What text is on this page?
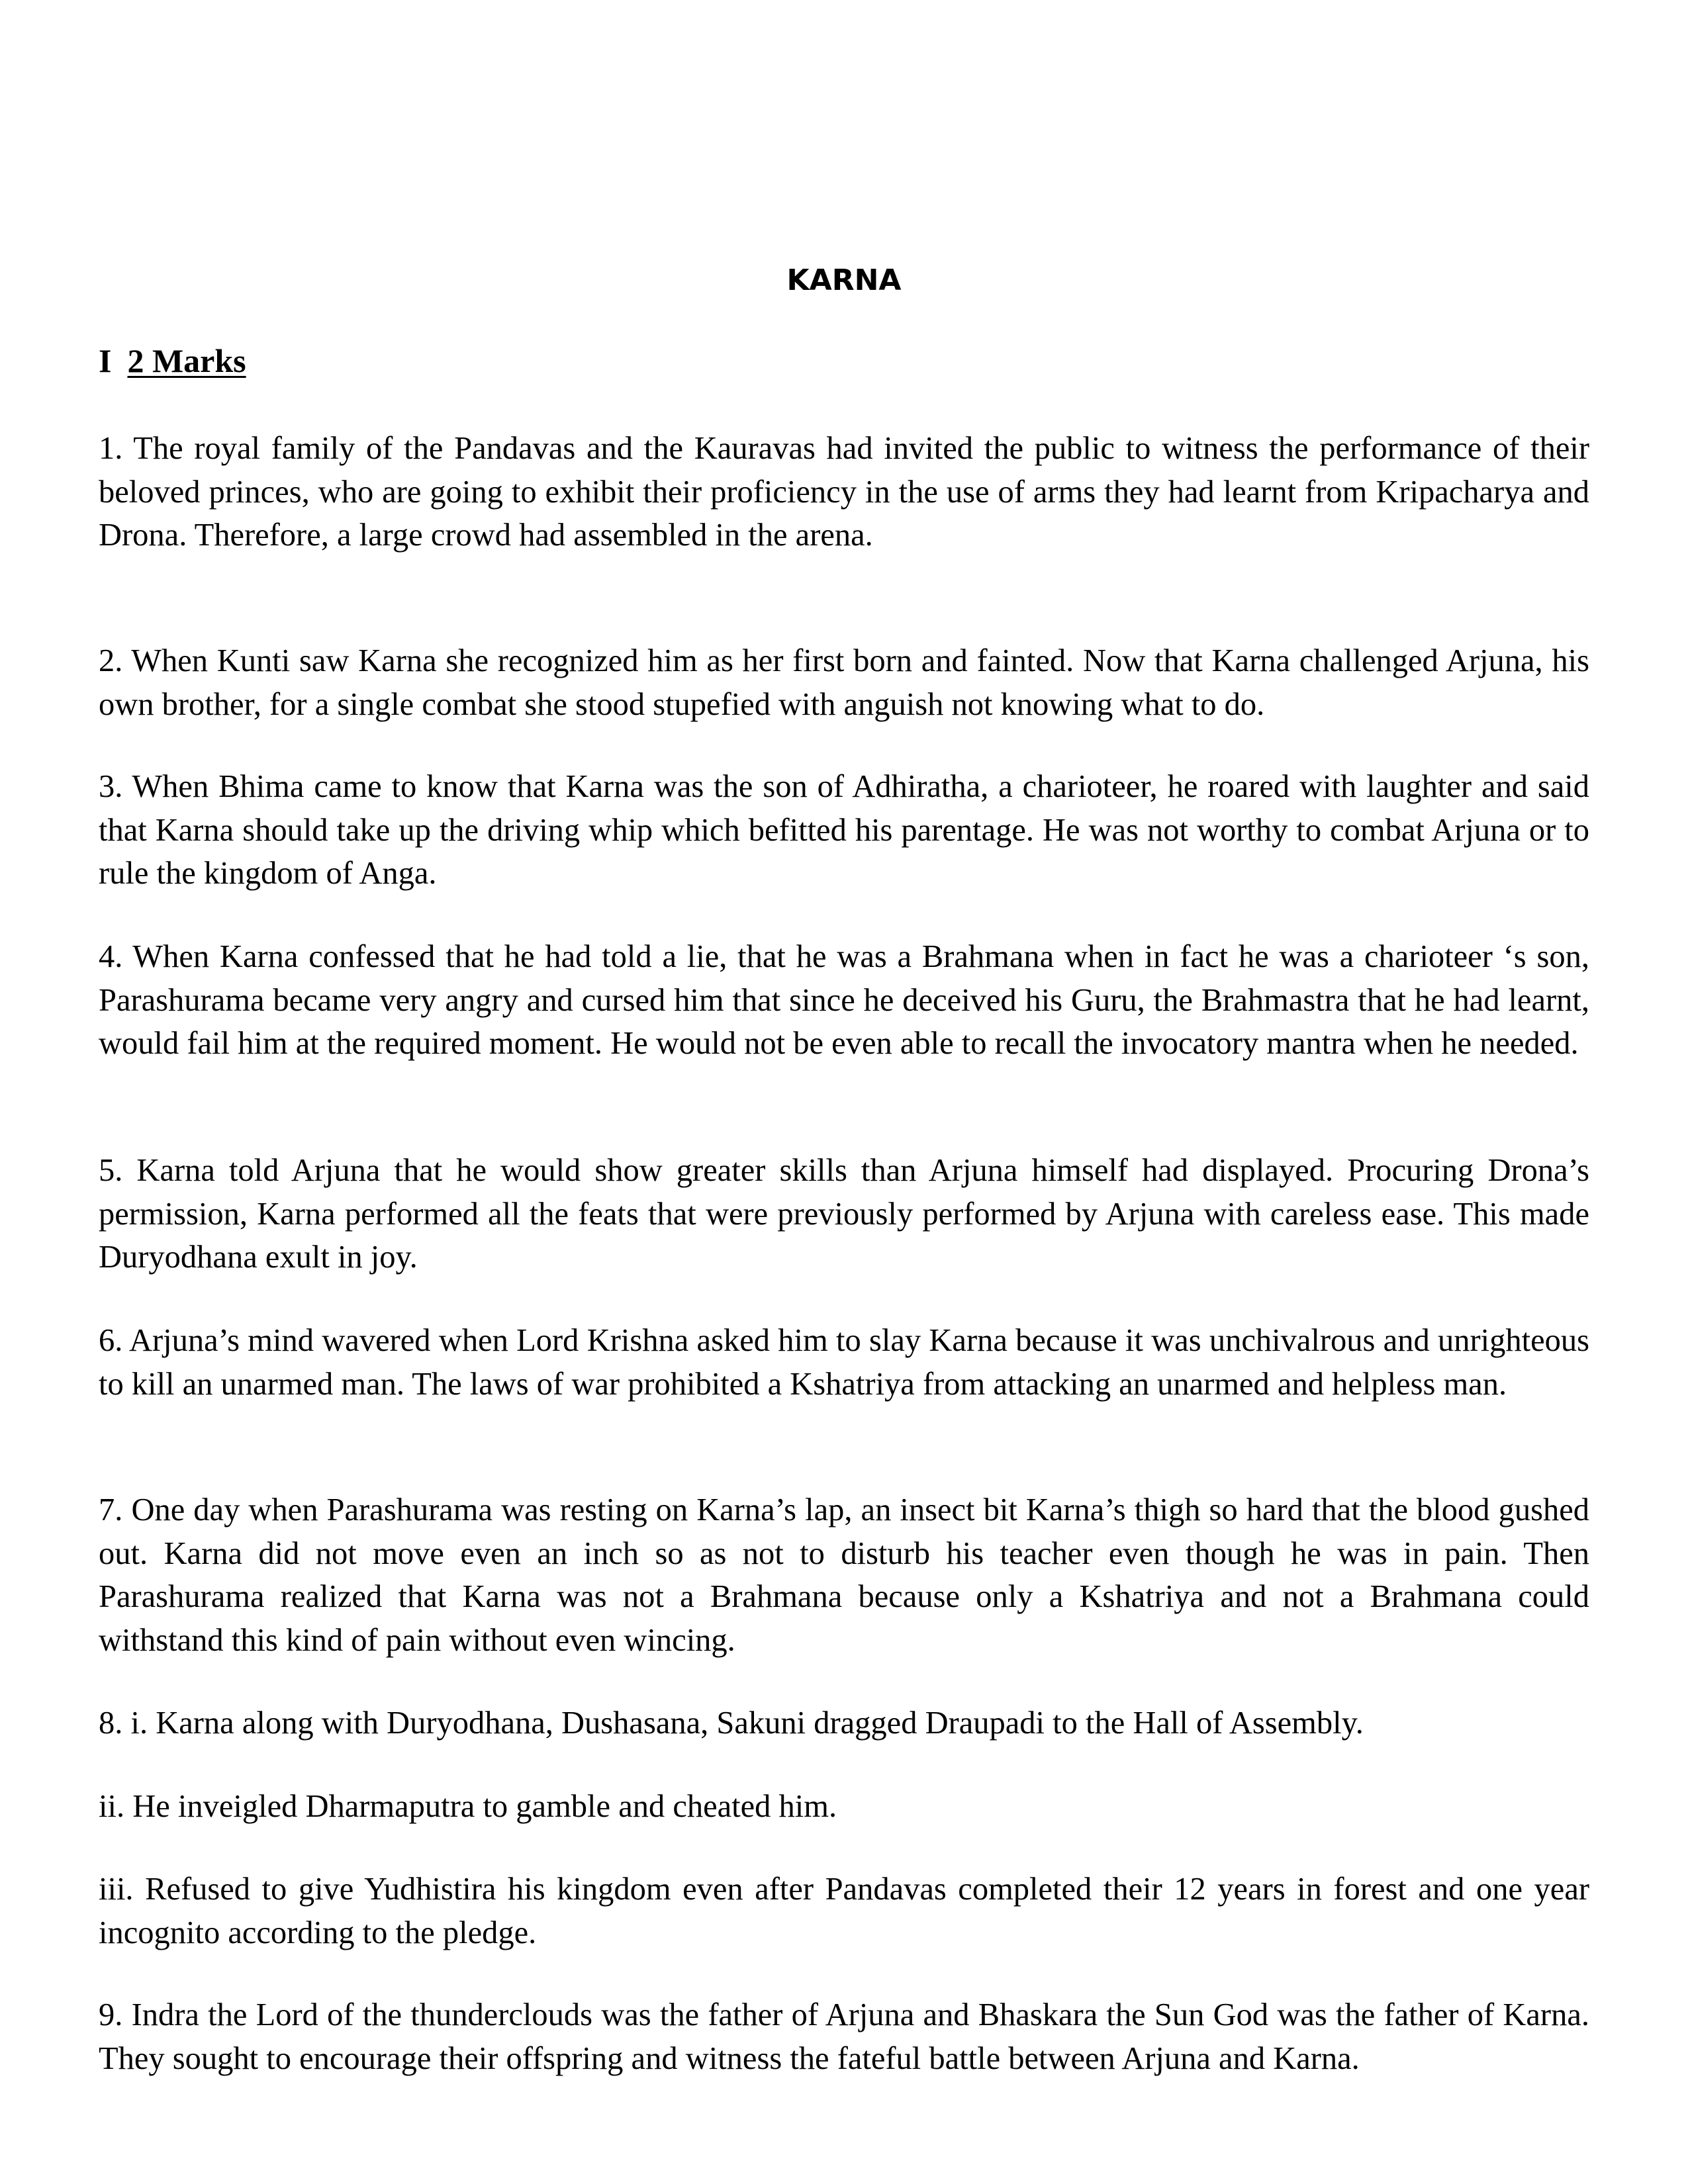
KARNA
I 2 Marks

1. The royal family of the Pandavas and the Kauravas had invited the public to witness the performance of their beloved princes, who are going to exhibit their proficiency in the use of arms they had learnt from Kripacharya and Drona. Therefore, a large crowd had assembled in the arena.

2. When Kunti saw Karna she recognized him as her first born and fainted. Now that Karna challenged Arjuna, his own brother, for a single combat she stood stupefied with anguish not knowing what to do.

3. When Bhima came to know that Karna was the son of Adhiratha, a charioteer, he roared with laughter and said that Karna should take up the driving whip which befitted his parentage. He was not worthy to combat Arjuna or to rule the kingdom of Anga.

4. When Karna confessed that he had told a lie, that he was a Brahmana when in fact he was a charioteer ‘s son, Parashurama became very angry and cursed him that since he deceived his Guru, the Brahmastra that he had learnt, would fail him at the required moment. He would not be even able to recall the invocatory mantra when he needed.

5. Karna told Arjuna that he would show greater skills than Arjuna himself had displayed. Procuring Drona’s permission, Karna performed all the feats that were previously performed by Arjuna with careless ease. This made Duryodhana exult in joy.

6. Arjuna’s mind wavered when Lord Krishna asked him to slay Karna because it was unchivalrous and unrighteous to kill an unarmed man. The laws of war prohibited a Kshatriya from attacking an unarmed and helpless man.

7. One day when Parashurama was resting on Karna’s lap, an insect bit Karna’s thigh so hard that the blood gushed out. Karna did not move even an inch so as not to disturb his teacher even though he was in pain. Then Parashurama realized that Karna was not a Brahmana because only a Kshatriya and not a Brahmana could withstand this kind of pain without even wincing.

8. i. Karna along with Duryodhana, Dushasana, Sakuni dragged Draupadi to the Hall of Assembly.

ii. He inveigled Dharmaputra to gamble and cheated him.

iii. Refused to give Yudhistira his kingdom even after Pandavas completed their 12 years in forest and one year incognito according to the pledge.

9. Indra the Lord of the thunderclouds was the father of Arjuna and Bhaskara the Sun God was the father of Karna. They sought to encourage their offspring and witness the fateful battle between Arjuna and Karna.
